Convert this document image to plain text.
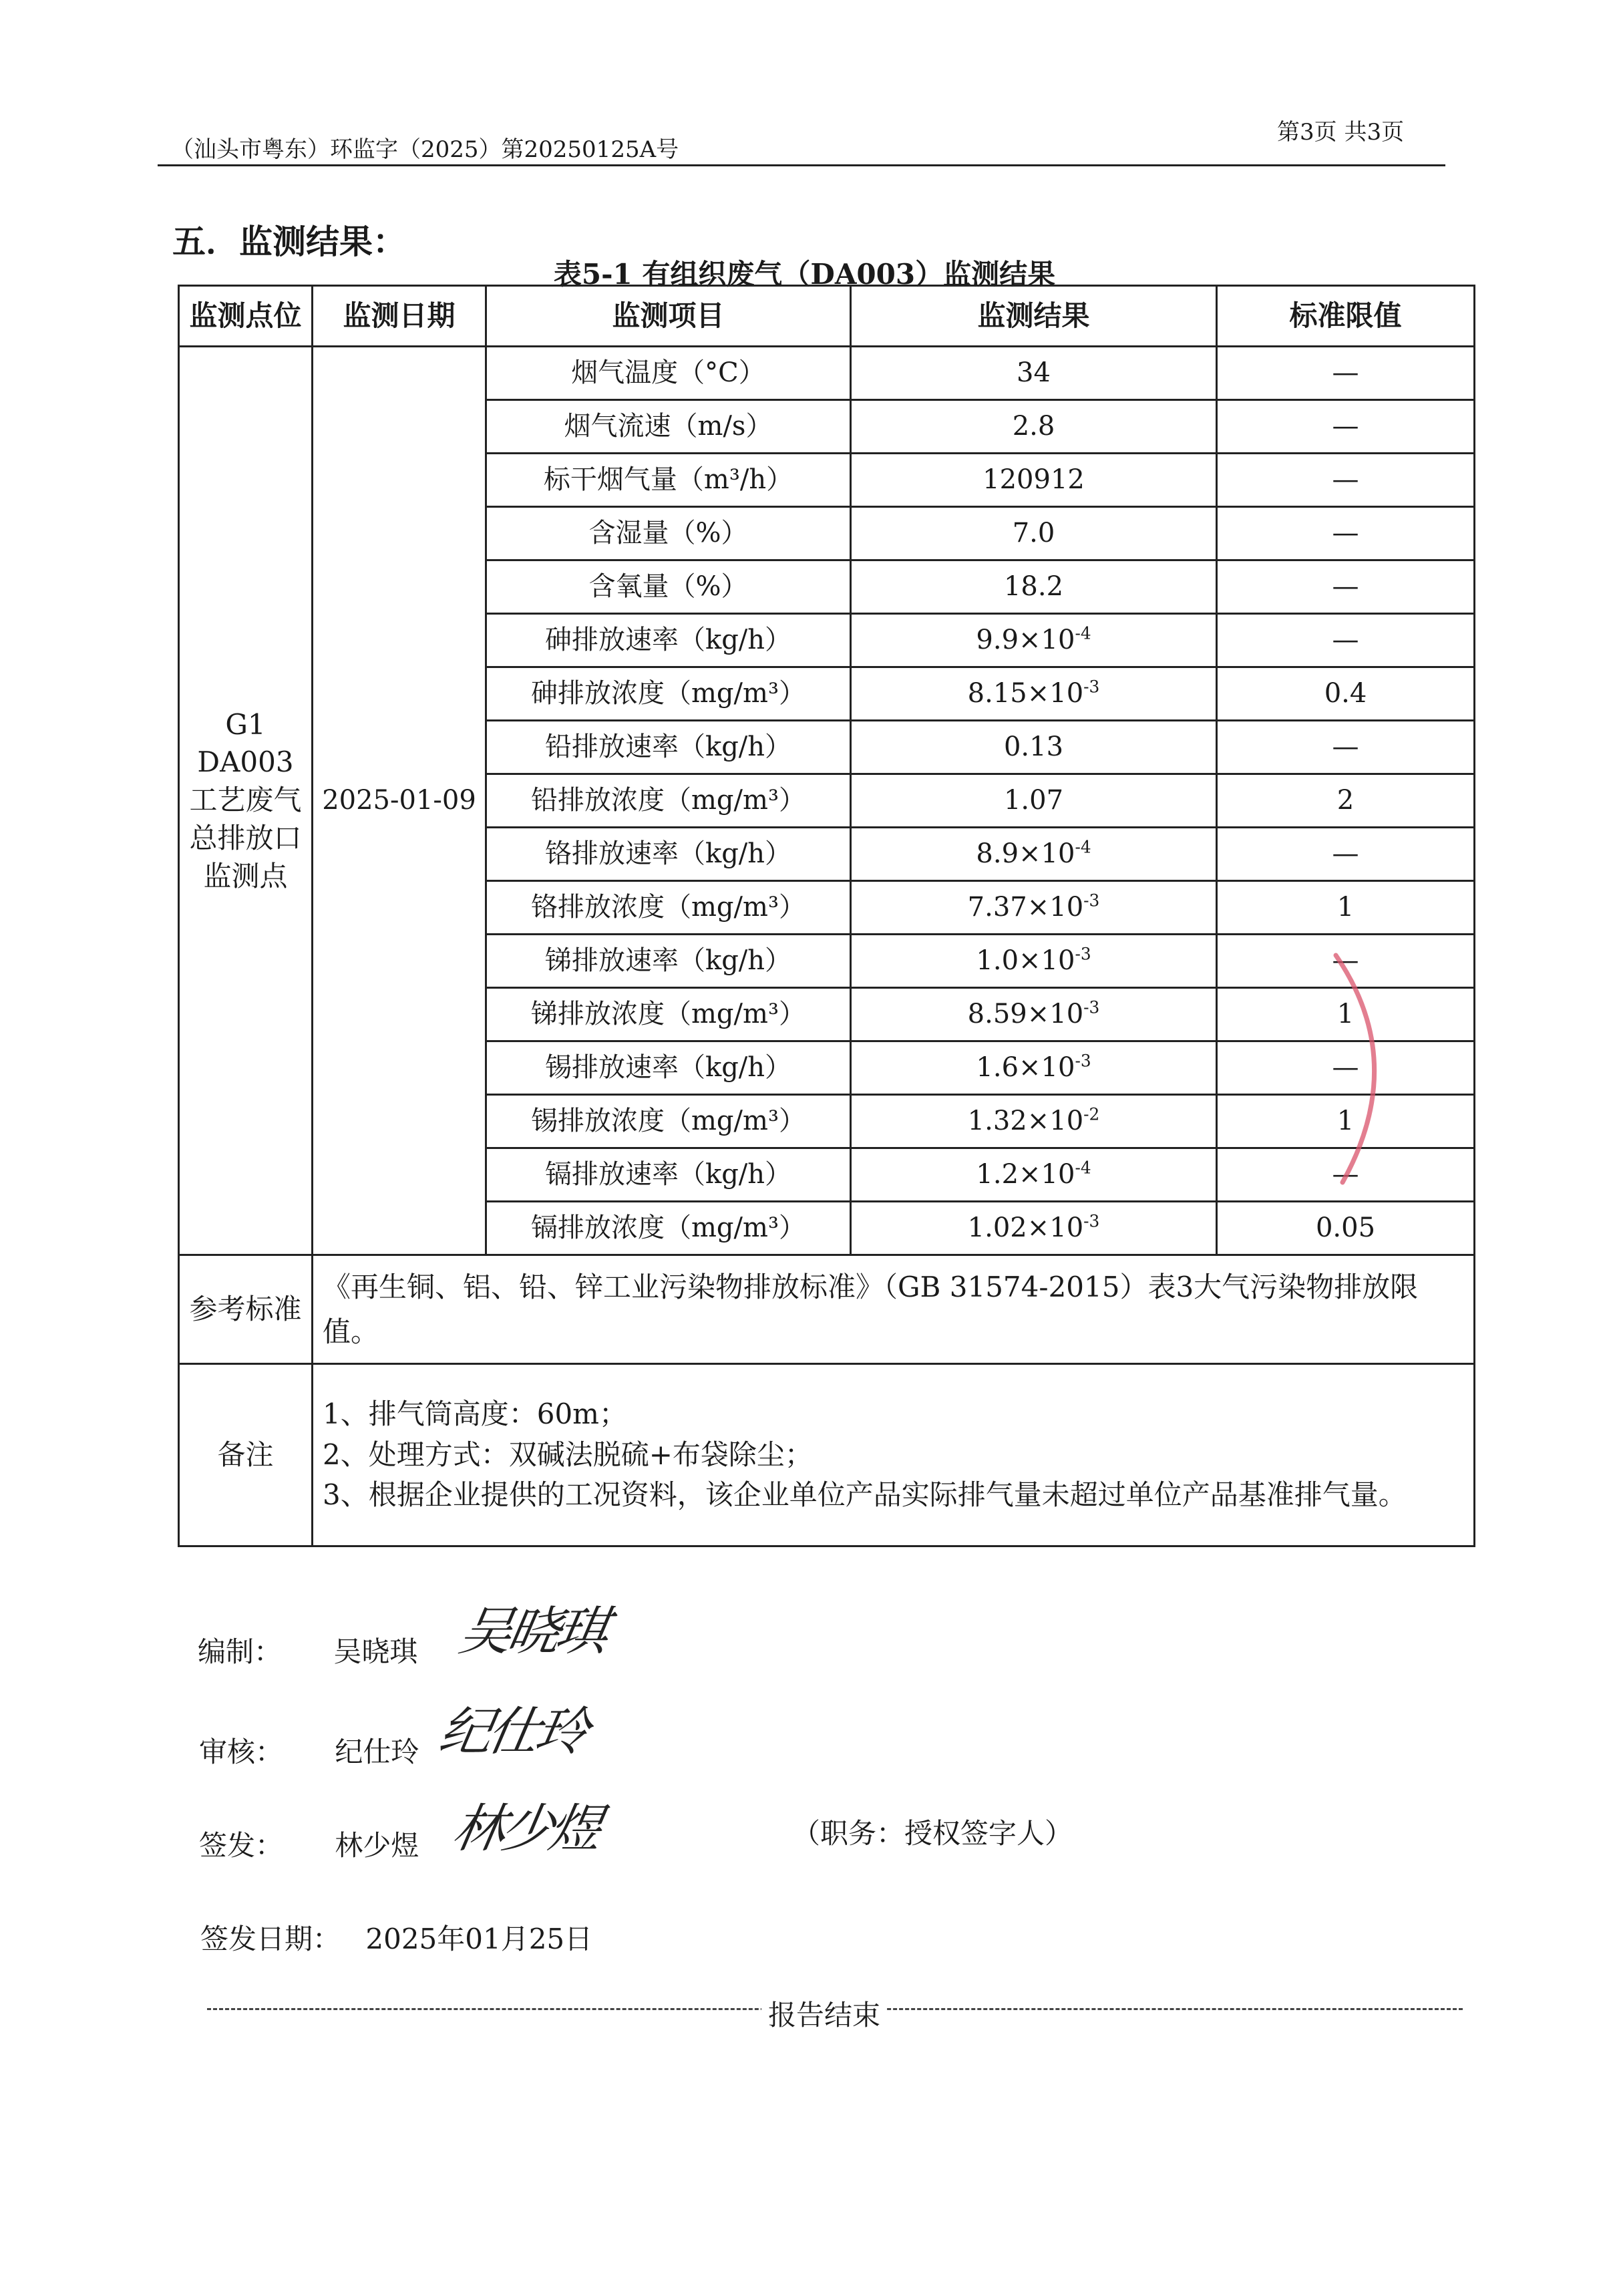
（汕头市粤东）环监字（2025）第20250125A号
第3页 共3页
五．监测结果：
表5-1 有组织废气（DA003）监测结果
监测点位	监测日期	监测项目	监测结果	标准限值

G1
DA003
工艺废气
总排放口
监测点	2025-01-09	烟气温度（°C）	34	—
		烟气流速（m/s）	2.8	—
		标干烟气量（m³/h）	120912	—
		含湿量（%）	7.0	—
		含氧量（%）	18.2	—
		砷排放速率（kg/h）	$9.9\times 10^{-4}$	—
		砷排放浓度（mg/m³）	$8.15\times 10^{-3}$	0.4
		铅排放速率（kg/h）	0.13	—
		铅排放浓度（mg/m³）	1.07	2
		铬排放速率（kg/h）	$8.9\times 10^{-4}$	—
		铬排放浓度（mg/m³）	$7.37\times 10^{-3}$	1
		锑排放速率（kg/h）	$1.0\times 10^{-3}$	—
		锑排放浓度（mg/m³）	$8.59\times 10^{-3}$	1
		锡排放速率（kg/h）	$1.6\times 10^{-3}$	—
		锡排放浓度（mg/m³）	$1.32\times 10^{-2}$	1
		镉排放速率（kg/h）	$1.2\times 10^{-4}$	—
		镉排放浓度（mg/m³）	$1.02\times 10^{-3}$	0.05
参考标准	《再生铜、铝、铅、锌工业污染物排放标准》（GB 31574-2015）表3大气污染物排放限值。			
备注	1、排气筒高度：60m；
2、处理方式：双碱法脱硫+布袋除尘；
3、根据企业提供的工况资料，该企业单位产品实际排气量未超过单位产品基准排气量。			
编制： 吴晓琪 吴晓琪
审核： 纪仕玲 纪仕玲
签发： 林少煜 林少煜	（职务：授权签字人）
签发日期： 2025年01月25日
报告结束
